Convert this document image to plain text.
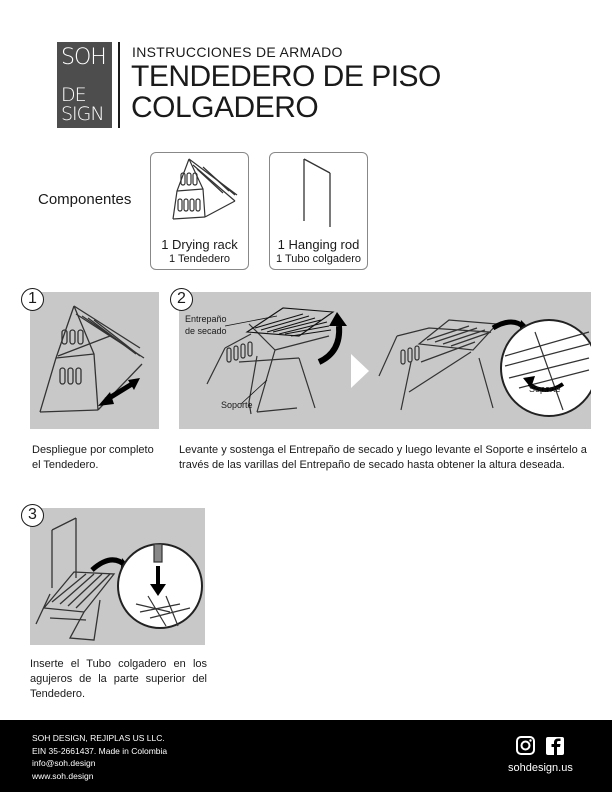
SOH
DE
SIGN
INSTRUCCIONES DE ARMADO
TENDEDERO DE PISO
COLGADERO
Componentes
1 Drying rack
1 Tendedero
1 Hanging rod
1 Tubo colgadero
1
Despliegue por completo el Tendedero.
Entrepaño
de secado
Soporte
Soporte
2
Levante y sostenga el Entrepaño de secado y luego levante el Soporte e insértelo a través de las varillas del Entrepaño de secado hasta obtener la altura deseada.
3
Inserte el Tubo colgadero en los agujeros de la parte superior del Tendedero.
SOH DESIGN, REJIPLAS US LLC.
EIN 35-2661437. Made in Colombia
info@soh.design
www.soh.design
sohdesign.us
